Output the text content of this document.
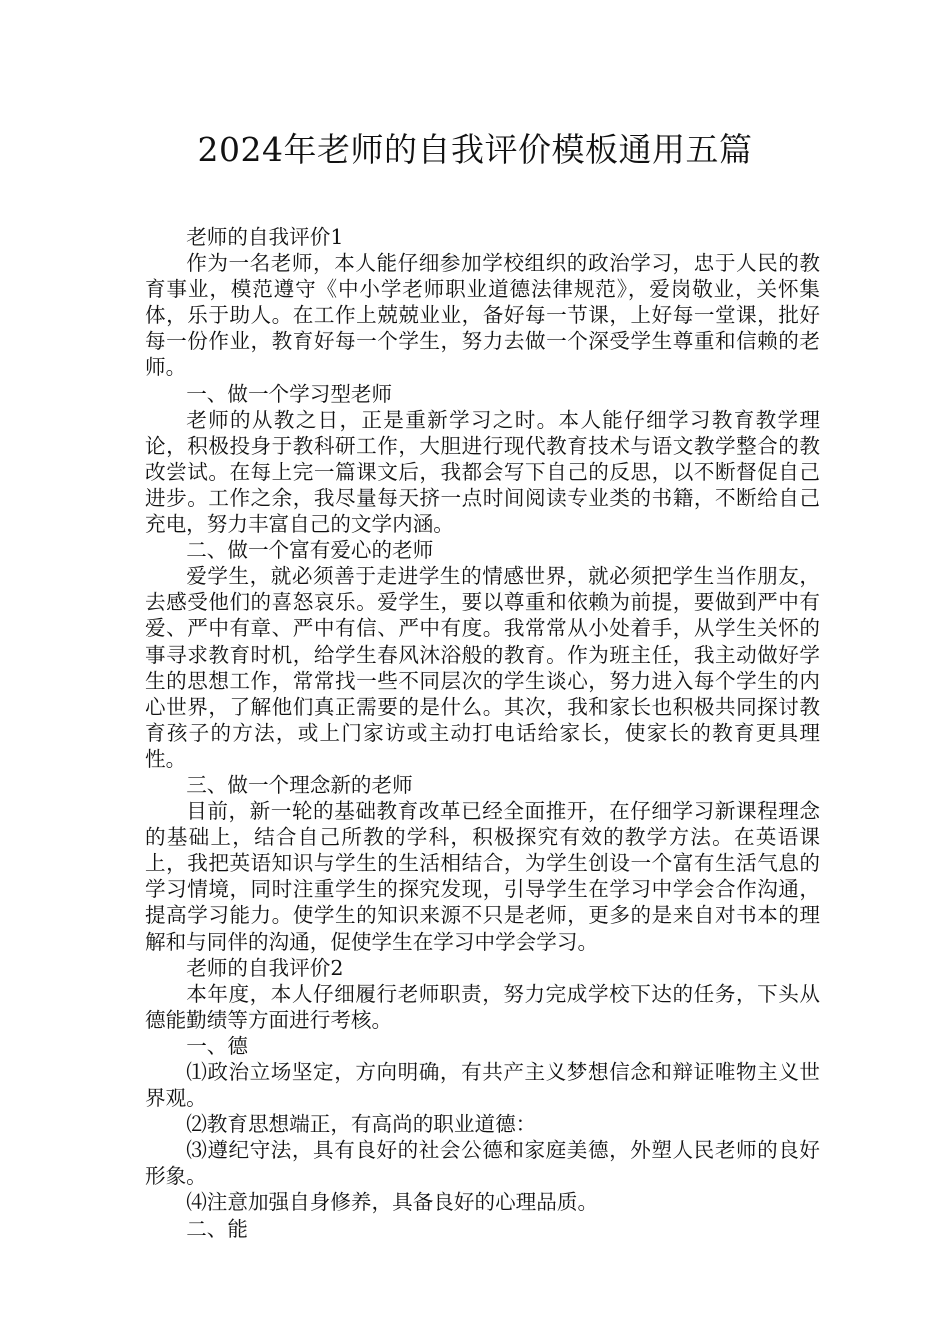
2024年老师的自我评价模板通用五篇

老师的自我评价1

作为一名老师，本人能仔细参加学校组织的政治学习，忠于人民的教育事业，模范遵守《中小学老师职业道德法律规范》，爱岗敬业，关怀集体，乐于助人。在工作上兢兢业业，备好每一节课，上好每一堂课，批好每一份作业，教育好每一个学生，努力去做一个深受学生尊重和信赖的老师。

一、做一个学习型老师

老师的从教之日，正是重新学习之时。本人能仔细学习教育教学理论，积极投身于教科研工作，大胆进行现代教育技术与语文教学整合的教改尝试。在每上完一篇课文后，我都会写下自己的反思，以不断督促自己进步。工作之余，我尽量每天挤一点时间阅读专业类的书籍，不断给自己充电，努力丰富自己的文学内涵。

二、做一个富有爱心的老师

爱学生，就必须善于走进学生的情感世界，就必须把学生当作朋友，去感受他们的喜怒哀乐。爱学生，要以尊重和依赖为前提，要做到严中有爱、严中有章、严中有信、严中有度。我常常从小处着手，从学生关怀的事寻求教育时机，给学生春风沐浴般的教育。作为班主任，我主动做好学生的思想工作，常常找一些不同层次的学生谈心，努力进入每个学生的内心世界，了解他们真正需要的是什么。其次，我和家长也积极共同探讨教育孩子的方法，或上门家访或主动打电话给家长，使家长的教育更具理性。

三、做一个理念新的老师

目前，新一轮的基础教育改革已经全面推开，在仔细学习新课程理念的基础上，结合自己所教的学科，积极探究有效的教学方法。在英语课上，我把英语知识与学生的生活相结合，为学生创设一个富有生活气息的学习情境，同时注重学生的探究发现，引导学生在学习中学会合作沟通，提高学习能力。使学生的知识来源不只是老师，更多的是来自对书本的理解和与同伴的沟通，促使学生在学习中学会学习。

老师的自我评价2

本年度，本人仔细履行老师职责，努力完成学校下达的任务，下头从德能勤绩等方面进行考核。

一、德

⑴政治立场坚定，方向明确，有共产主义梦想信念和辩证唯物主义世界观。

⑵教育思想端正，有高尚的职业道德：

⑶遵纪守法，具有良好的社会公德和家庭美德，外塑人民老师的良好形象。

⑷注意加强自身修养，具备良好的心理品质。

二、能
